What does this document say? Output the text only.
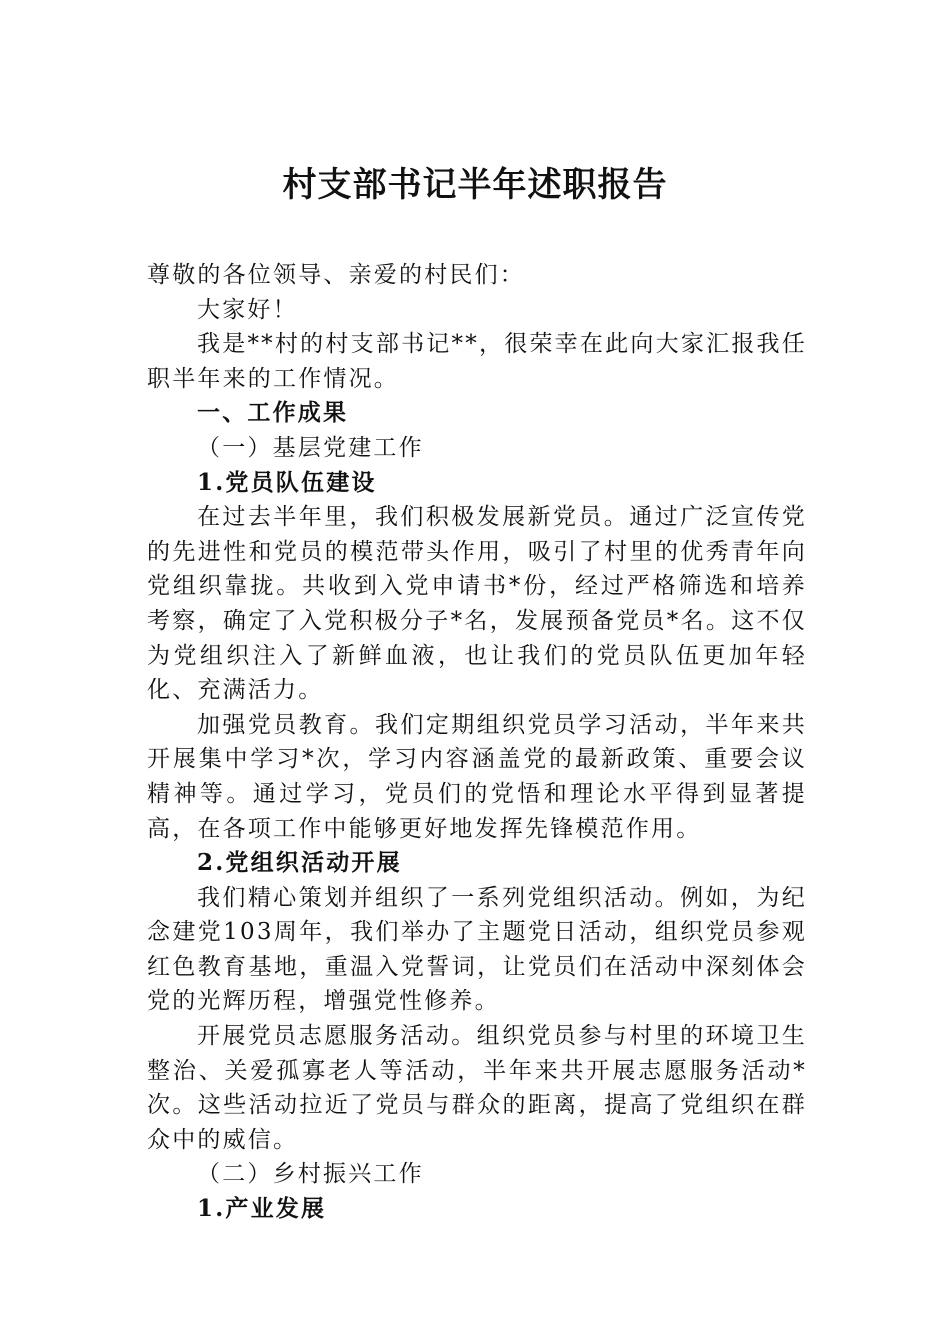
村支部书记半年述职报告

尊敬的各位领导、亲爱的村民们：

大家好！

我是**村的村支部书记**，很荣幸在此向大家汇报我任职半年来的工作情况。

一、工作成果

（一）基层党建工作

1.党员队伍建设

在过去半年里，我们积极发展新党员。通过广泛宣传党的先进性和党员的模范带头作用，吸引了村里的优秀青年向党组织靠拢。共收到入党申请书*份，经过严格筛选和培养考察，确定了入党积极分子*名，发展预备党员*名。这不仅为党组织注入了新鲜血液，也让我们的党员队伍更加年轻化、充满活力。

加强党员教育。我们定期组织党员学习活动，半年来共开展集中学习*次，学习内容涵盖党的最新政策、重要会议精神等。通过学习，党员们的党悟和理论水平得到显著提高，在各项工作中能够更好地发挥先锋模范作用。

2.党组织活动开展

我们精心策划并组织了一系列党组织活动。例如，为纪念建党103周年，我们举办了主题党日活动，组织党员参观红色教育基地，重温入党誓词，让党员们在活动中深刻体会党的光辉历程，增强党性修养。

开展党员志愿服务活动。组织党员参与村里的环境卫生整治、关爱孤寡老人等活动，半年来共开展志愿服务活动*次。这些活动拉近了党员与群众的距离，提高了党组织在群众中的威信。

（二）乡村振兴工作

1.产业发展
